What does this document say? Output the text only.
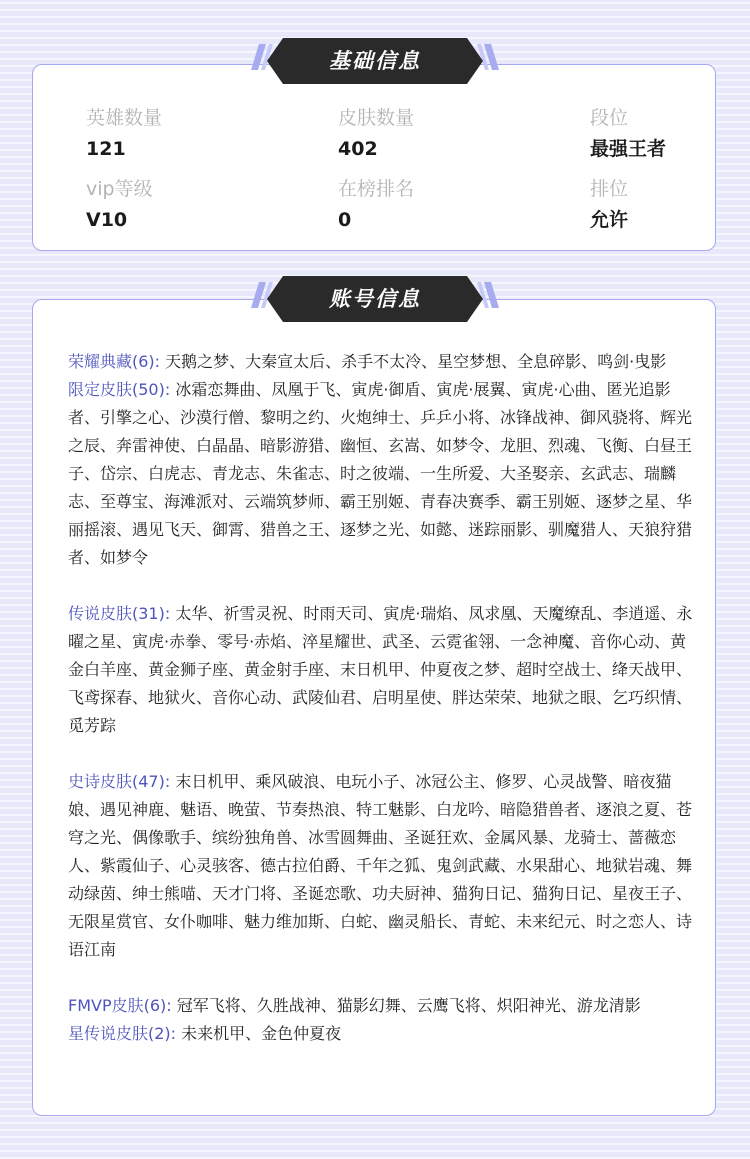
基础信息
英雄数量
121
皮肤数量
402
段位
最强王者
vip等级
V10
在榜排名
0
排位
允许
账号信息

荣耀典藏(6): 天鹅之梦、大秦宣太后、杀手不太冷、星空梦想、全息碎影、鸣剑·曳影

限定皮肤(50): 冰霜恋舞曲、凤凰于飞、寅虎·御盾、寅虎·展翼、寅虎·心曲、匿光追影者、引擎之心、沙漠行僧、黎明之约、火炮绅士、乒乒小将、冰锋战神、御风骁将、辉光之辰、奔雷神使、白晶晶、暗影游猎、幽恒、玄嵩、如梦令、龙胆、烈魂、飞衡、白昼王子、岱宗、白虎志、青龙志、朱雀志、时之彼端、一生所爱、大圣娶亲、玄武志、瑞麟志、至尊宝、海滩派对、云端筑梦师、霸王别姬、青春决赛季、霸王别姬、逐梦之星、华丽摇滚、遇见飞天、御霄、猎兽之王、逐梦之光、如懿、迷踪丽影、驯魔猎人、天狼狩猎者、如梦令

传说皮肤(31): 太华、祈雪灵祝、时雨天司、寅虎·瑞焰、凤求凰、天魔缭乱、李逍遥、永曜之星、寅虎·赤拳、零号·赤焰、淬星耀世、武圣、云霓雀翎、一念神魔、音你心动、黄金白羊座、黄金狮子座、黄金射手座、末日机甲、仲夏夜之梦、超时空战士、绛天战甲、飞鸢探春、地狱火、音你心动、武陵仙君、启明星使、胖达荣荣、地狱之眼、乞巧织情、觅芳踪

史诗皮肤(47): 末日机甲、乘风破浪、电玩小子、冰冠公主、修罗、心灵战警、暗夜猫娘、遇见神鹿、魅语、晚萤、节奏热浪、特工魅影、白龙吟、暗隐猎兽者、逐浪之夏、苍穹之光、偶像歌手、缤纷独角兽、冰雪圆舞曲、圣诞狂欢、金属风暴、龙骑士、蔷薇恋人、紫霞仙子、心灵骇客、德古拉伯爵、千年之狐、鬼剑武藏、水果甜心、地狱岩魂、舞动绿茵、绅士熊喵、天才门将、圣诞恋歌、功夫厨神、猫狗日记、猫狗日记、星夜王子、无限星赏官、女仆咖啡、魅力维加斯、白蛇、幽灵船长、青蛇、未来纪元、时之恋人、诗语江南

FMVP皮肤(6): 冠军飞将、久胜战神、猫影幻舞、云鹰飞将、炽阳神光、游龙清影

星传说皮肤(2): 未来机甲、金色仲夏夜
